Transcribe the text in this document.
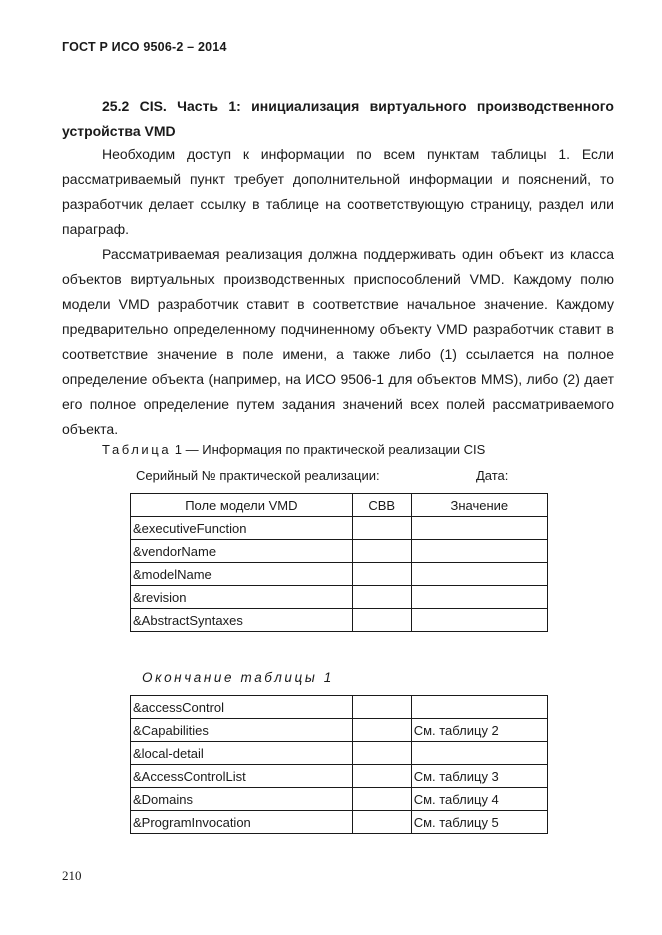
ГОСТ Р ИСО 9506-2 – 2014
25.2 CIS. Часть 1: инициализация виртуального производственного устройства VMD

Необходим доступ к информации по всем пунктам таблицы 1. Если рассматриваемый пункт требует дополнительной информации и пояснений, то разработчик делает ссылку в таблице на соответствующую страницу, раздел или параграф.

Рассматриваемая реализация должна поддерживать один объект из класса объектов виртуальных производственных приспособлений VMD. Каждому полю модели VMD разработчик ставит в соответствие начальное значение. Каждому предварительно определенному подчиненному объекту VMD разработчик ставит в соответствие значение в поле имени, а также либо (1) ссылается на полное определение объекта (например, на ИСО 9506-1 для объектов MMS), либо (2) дает его полное определение путем задания значений всех полей рассматриваемого объекта.

Таблица 1 — Информация по практической реализации CIS
Серийный № практической реализации:	Дата:
Поле модели VMD	СВВ	Значение
&executiveFunction		
&vendorName		
&modelName		
&revision		
&AbstractSyntaxes		
Окончание таблицы 1
&accessControl		
&Capabilities		См. таблицу 2
&local-detail		
&AccessControlList		См. таблицу 3
&Domains		См. таблицу 4
&ProgramInvocation		См. таблицу 5
210
